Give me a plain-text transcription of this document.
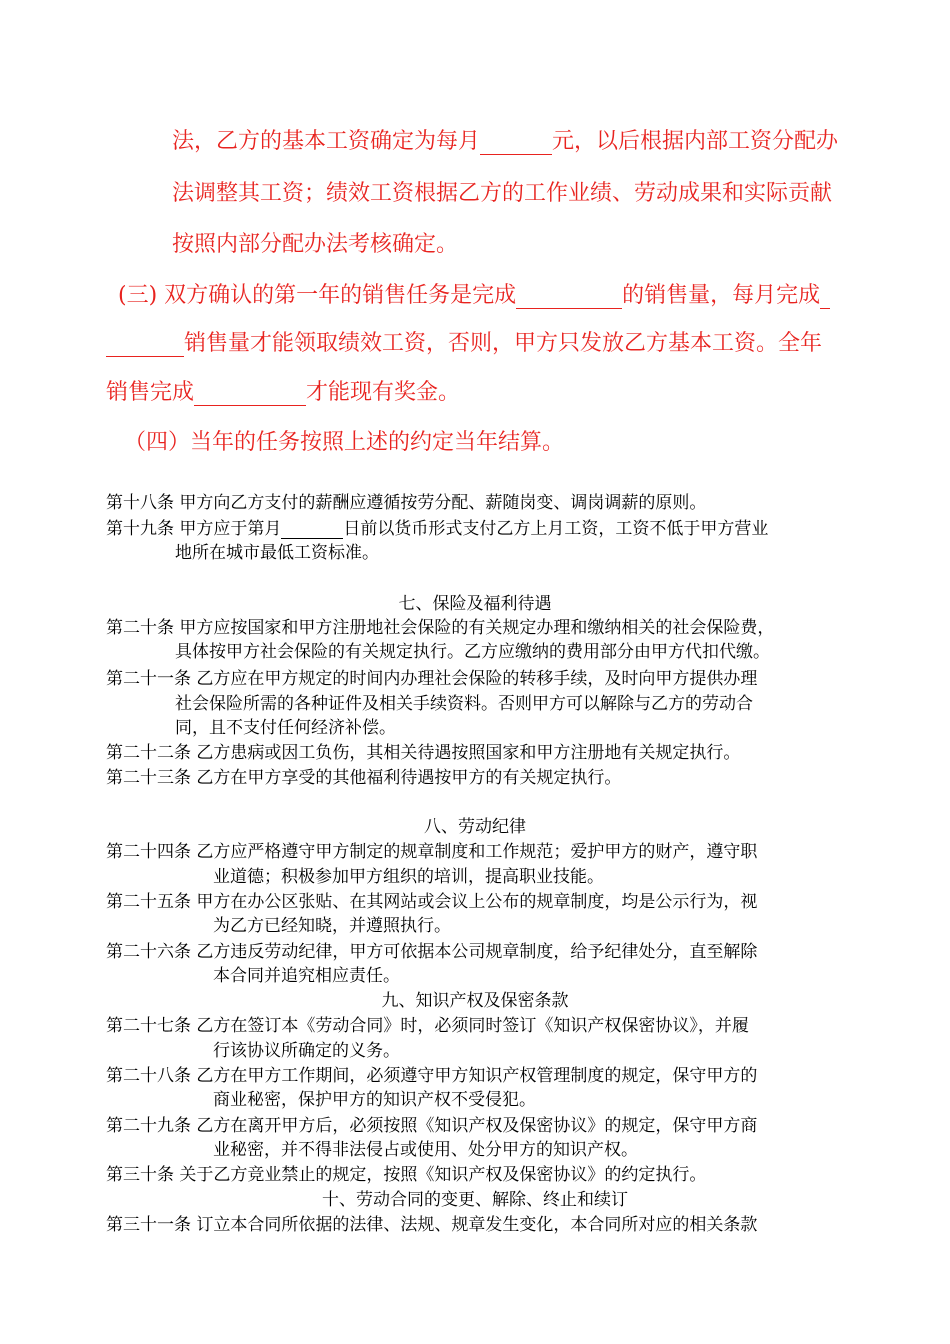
法，乙方的基本工资确定为每月	元，以后根据内部工资分配办
法调整其工资；绩效工资根据乙方的工作业绩、劳动成果和实际贡献
按照内部分配办法考核确定。
(三) 双方确认的第一年的销售任务是完成	的销售量，每月完成
销售量才能领取绩效工资，否则，甲方只发放乙方基本工资。全年
销售完成	才能现有奖金。
（四）当年的任务按照上述的约定当年结算。
第十八条 甲方向乙方支付的薪酬应遵循按劳分配、薪随岗变、调岗调薪的原则。
第十九条 甲方应于第月	日前以货币形式支付乙方上月工资，工资不低于甲方营业
地所在城市最低工资标准。
七、保险及福利待遇
第二十条 甲方应按国家和甲方注册地社会保险的有关规定办理和缴纳相关的社会保险费，
具体按甲方社会保险的有关规定执行。乙方应缴纳的费用部分由甲方代扣代缴。
第二十一条 乙方应在甲方规定的时间内办理社会保险的转移手续，及时向甲方提供办理
社会保险所需的各种证件及相关手续资料。否则甲方可以解除与乙方的劳动合
同，且不支付任何经济补偿。
第二十二条 乙方患病或因工负伤，其相关待遇按照国家和甲方注册地有关规定执行。
第二十三条 乙方在甲方享受的其他福利待遇按甲方的有关规定执行。
八、劳动纪律
第二十四条 乙方应严格遵守甲方制定的规章制度和工作规范；爱护甲方的财产，遵守职
业道德；积极参加甲方组织的培训，提高职业技能。
第二十五条 甲方在办公区张贴、在其网站或会议上公布的规章制度，均是公示行为，视
为乙方已经知晓，并遵照执行。
第二十六条 乙方违反劳动纪律，甲方可依据本公司规章制度，给予纪律处分，直至解除
本合同并追究相应责任。
九、知识产权及保密条款
第二十七条 乙方在签订本《劳动合同》时，必须同时签订《知识产权保密协议》，并履
行该协议所确定的义务。
第二十八条 乙方在甲方工作期间，必须遵守甲方知识产权管理制度的规定，保守甲方的
商业秘密，保护甲方的知识产权不受侵犯。
第二十九条 乙方在离开甲方后，必须按照《知识产权及保密协议》的规定，保守甲方商
业秘密，并不得非法侵占或使用、处分甲方的知识产权。
第三十条 关于乙方竞业禁止的规定，按照《知识产权及保密协议》的约定执行。
十、劳动合同的变更、解除、终止和续订
第三十一条 订立本合同所依据的法律、法规、规章发生变化，本合同所对应的相关条款
